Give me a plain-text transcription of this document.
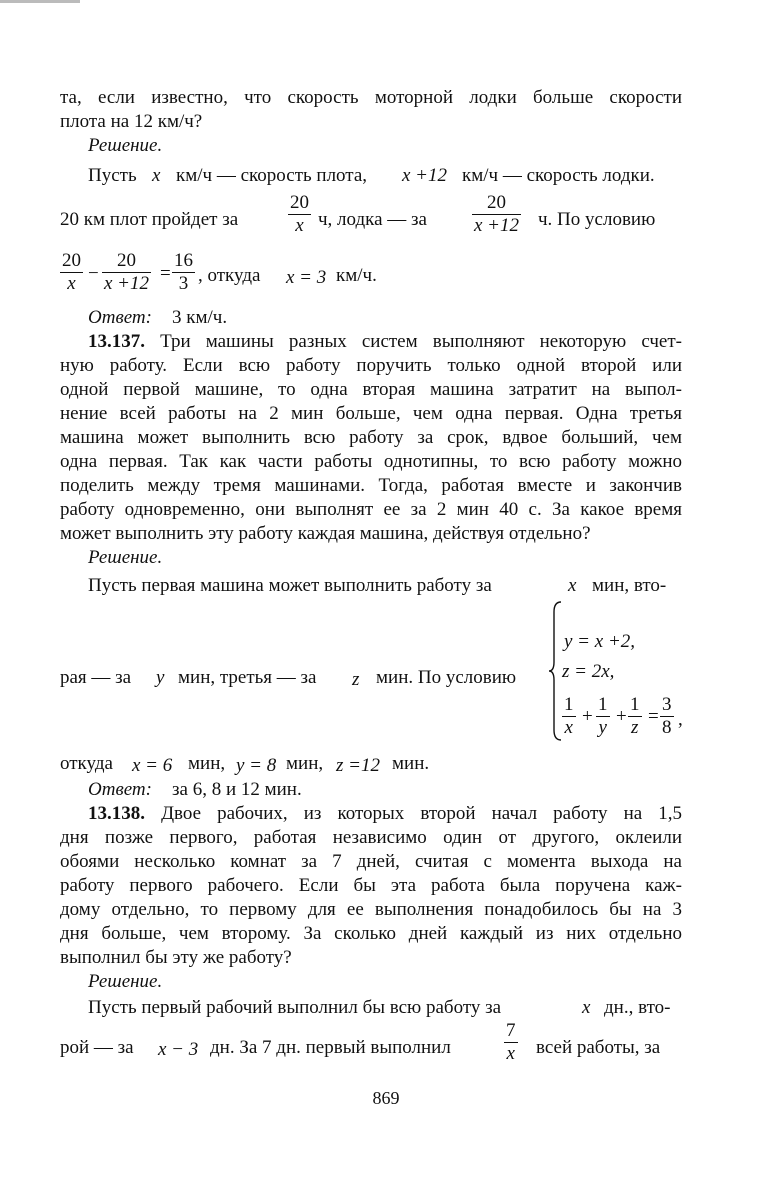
та, если известно, что скорость моторной лодки больше скорости
плота на 12 км/ч?
Решение.
Пусть x км/ч — скорость плота, x +12 км/ч — скорость лодки.
20 км плот пройдет за
20
x ч, лодка — за
20
x +12 ч. По условию
20
x −
20
x +12 =
16
3 , откуда x = 3 км/ч.
Ответ: 3 км/ч.
13.137. Три машины разных систем выполняют некоторую счет-
ную работу. Если всю работу поручить только одной второй или
одной первой машине, то одна вторая машина затратит на выпол-
нение всей работы на 2 мин больше, чем одна первая. Одна третья
машина может выполнить всю работу за срок, вдвое больший, чем
одна первая. Так как части работы однотипны, то всю работу можно
поделить между тремя машинами. Тогда, работая вместе и закончив
работу одновременно, они выполнят ее за 2 мин 40 с. За какое время
может выполнить эту работу каждая машина, действуя отдельно?
Решение.
Пусть первая машина может выполнить работу за	x мин, вто-
рая — за y мин, третья — за z мин. По условию
y = x +2,
z = 2x,
1
x
+
1
y
+
1
z
=
3
8 ,
откуда x = 6 мин, y = 8 мин, z =12 мин.
Ответ: за 6, 8 и 12 мин.
13.138. Двое рабочих, из которых второй начал работу на 1,5
дня позже первого, работая независимо один от другого, оклеили
обоями несколько комнат за 7 дней, считая с момента выхода на
работу первого рабочего. Если бы эта работа была поручена каж-
дому отдельно, то первому для ее выполнения понадобилось бы на 3
дня больше, чем второму. За сколько дней каждый из них отдельно
выполнил бы эту же работу?
Решение.
Пусть первый рабочий выполнил бы всю работу за	x дн., вто-
рой — за x − 3 дн. За 7 дн. первый выполнил
7
x всей работы, за
869
